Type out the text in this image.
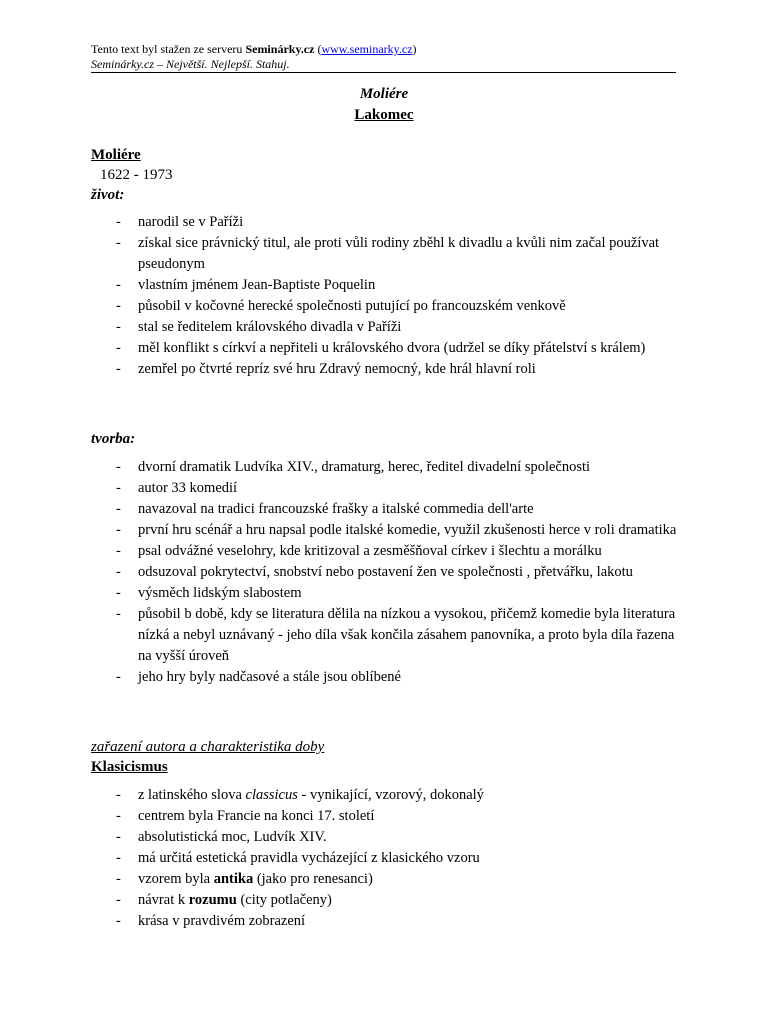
Tento text byl stažen ze serveru Seminárky.cz (www.seminarky.cz)
Seminárky.cz – Největší. Nejlepší. Stahuj.
Moliére
Lakomec
Moliére
1622 - 1973
život:
- narodil se v Paříži
- získal sice právnický titul, ale proti vůli rodiny zběhl k divadlu a kvůli nim začal používat pseudonym
- vlastním jménem Jean-Baptiste Poquelin
- působil v kočovné herecké společnosti putující po francouzském venkově
- stal se ředitelem královského divadla v Paříži
- měl konflikt s církví a nepřiteli u královského dvora (udržel se díky přátelství s králem)
- zemřel po čtvrté repríz své hru Zdravý nemocný, kde hrál hlavní roli
tvorba:
- dvorní dramatik Ludvíka XIV., dramaturg, herec, ředitel divadelní společnosti
- autor 33 komedií
- navazoval na tradici francouzské frašky a italské commedia dell'arte
- první hru scénář a hru napsal podle italské komedie, využil zkušenosti herce v roli dramatika
- psal odvážné veselohry, kde kritizoval a zesměšňoval církev i šlechtu a morálku
- odsuzoval pokrytectví, snobství nebo postavení žen ve společnosti , přetvářku, lakotu
- výsměch lidským slabostem
- působil b době, kdy se literatura dělila na nízkou a vysokou, přičemž komedie byla literatura nízká a nebyl uznávaný - jeho díla však končila zásahem panovníka, a proto byla díla řazena na vyšší úroveň
- jeho hry byly nadčasové a stále jsou oblíbené
zařazení autora a charakteristika doby
Klasicismus
- z latinského slova classicus - vynikající, vzorový, dokonalý
- centrem byla Francie na konci 17. století
- absolutistická moc, Ludvík XIV.
- má určitá estetická pravidla vycházející z klasického vzoru
- vzorem byla antika (jako pro renesanci)
- návrat k rozumu (city potlačeny)
- krása v pravdivém zobrazení
